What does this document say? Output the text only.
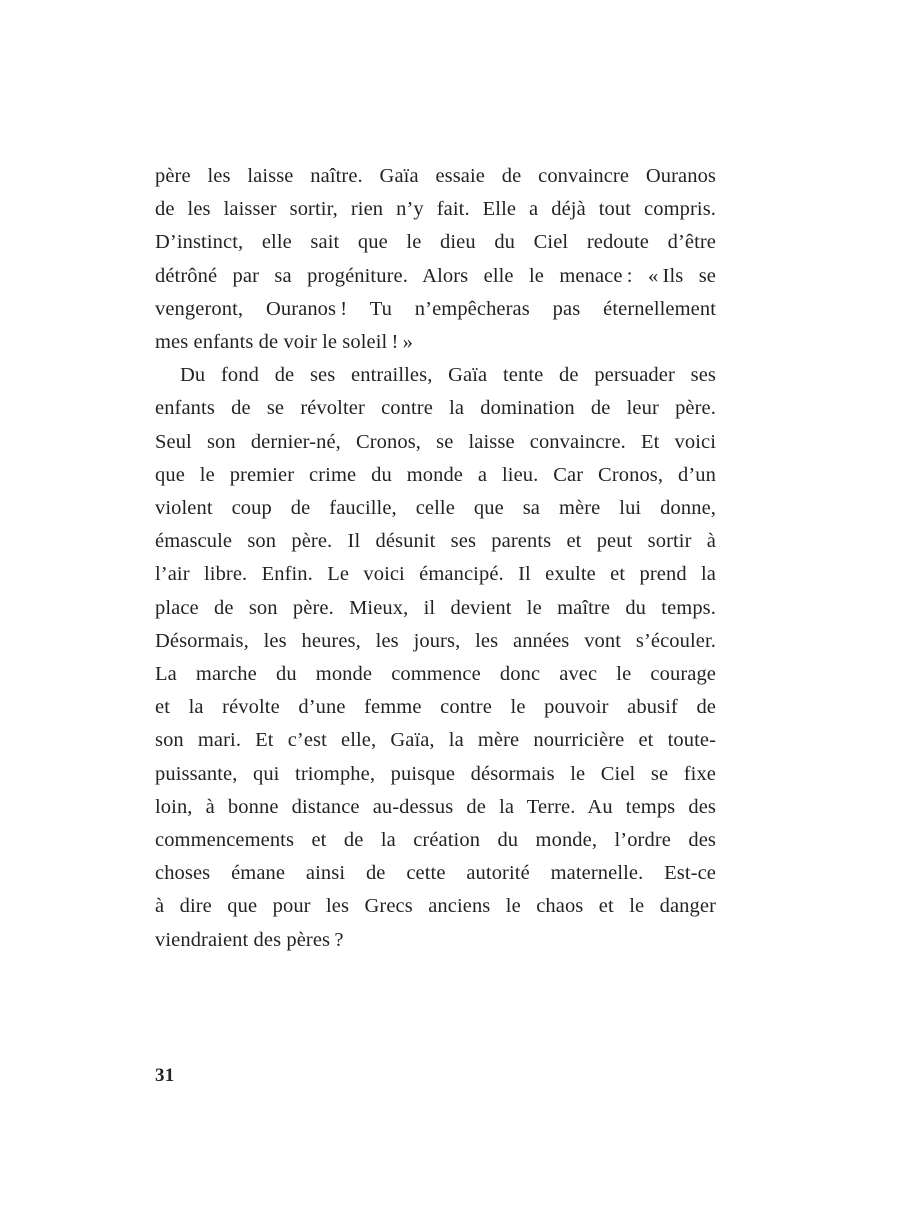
père les laisse naître. Gaïa essaie de convaincre Ouranos
de les laisser sortir, rien n’y fait. Elle a déjà tout compris.
D’instinct, elle sait que le dieu du Ciel redoute d’être
détrôné par sa progéniture. Alors elle le menace : « Ils se
vengeront, Ouranos ! Tu n’empêcheras pas éternellement
mes enfants de voir le soleil ! »
Du fond de ses entrailles, Gaïa tente de persuader ses
enfants de se révolter contre la domination de leur père.
Seul son dernier-né, Cronos, se laisse convaincre. Et voici
que le premier crime du monde a lieu. Car Cronos, d’un
violent coup de faucille, celle que sa mère lui donne,
émascule son père. Il désunit ses parents et peut sortir à
l’air libre. Enfin. Le voici émancipé. Il exulte et prend la
place de son père. Mieux, il devient le maître du temps.
Désormais, les heures, les jours, les années vont s’écouler.
La marche du monde commence donc avec le courage
et la révolte d’une femme contre le pouvoir abusif de
son mari. Et c’est elle, Gaïa, la mère nourricière et toute-
puissante, qui triomphe, puisque désormais le Ciel se fixe
loin, à bonne distance au-dessus de la Terre. Au temps des
commencements et de la création du monde, l’ordre des
choses émane ainsi de cette autorité maternelle. Est-ce
à dire que pour les Grecs anciens le chaos et le danger
viendraient des pères ?
31
